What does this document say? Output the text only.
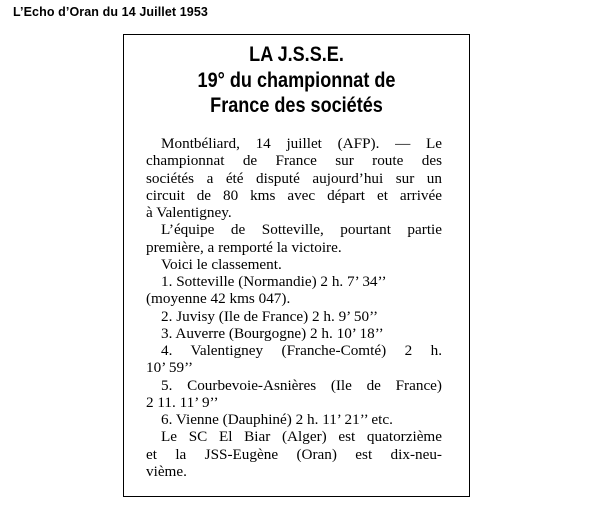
L’Echo d’Oran du 14 Juillet 1953
LA J.S.S.E.
19° du championnat de
France des sociétés
Montbéliard, 14 juillet (AFP). — Le
championnat de France sur route des
sociétés a été disputé aujourd’hui sur un
circuit de 80 kms avec départ et arrivée
à Valentigney.
L’équipe de Sotteville, pourtant partie
première, a remporté la victoire.
Voici le classement.
1. Sotteville (Normandie) 2 h. 7’ 34’’
(moyenne 42 kms 047).
2. Juvisy (Ile de France) 2 h. 9’ 50’’
3. Auverre (Bourgogne) 2 h. 10’ 18’’
4. Valentigney (Franche-Comté) 2 h.
10’ 59’’
5. Courbevoie-Asnières (Ile de France)
2 11. 11’ 9’’
6. Vienne (Dauphiné) 2 h. 11’ 21’’ etc.
Le SC El Biar (Alger) est quatorzième
et la JSS-Eugène (Oran) est dix-neu-
vième.
